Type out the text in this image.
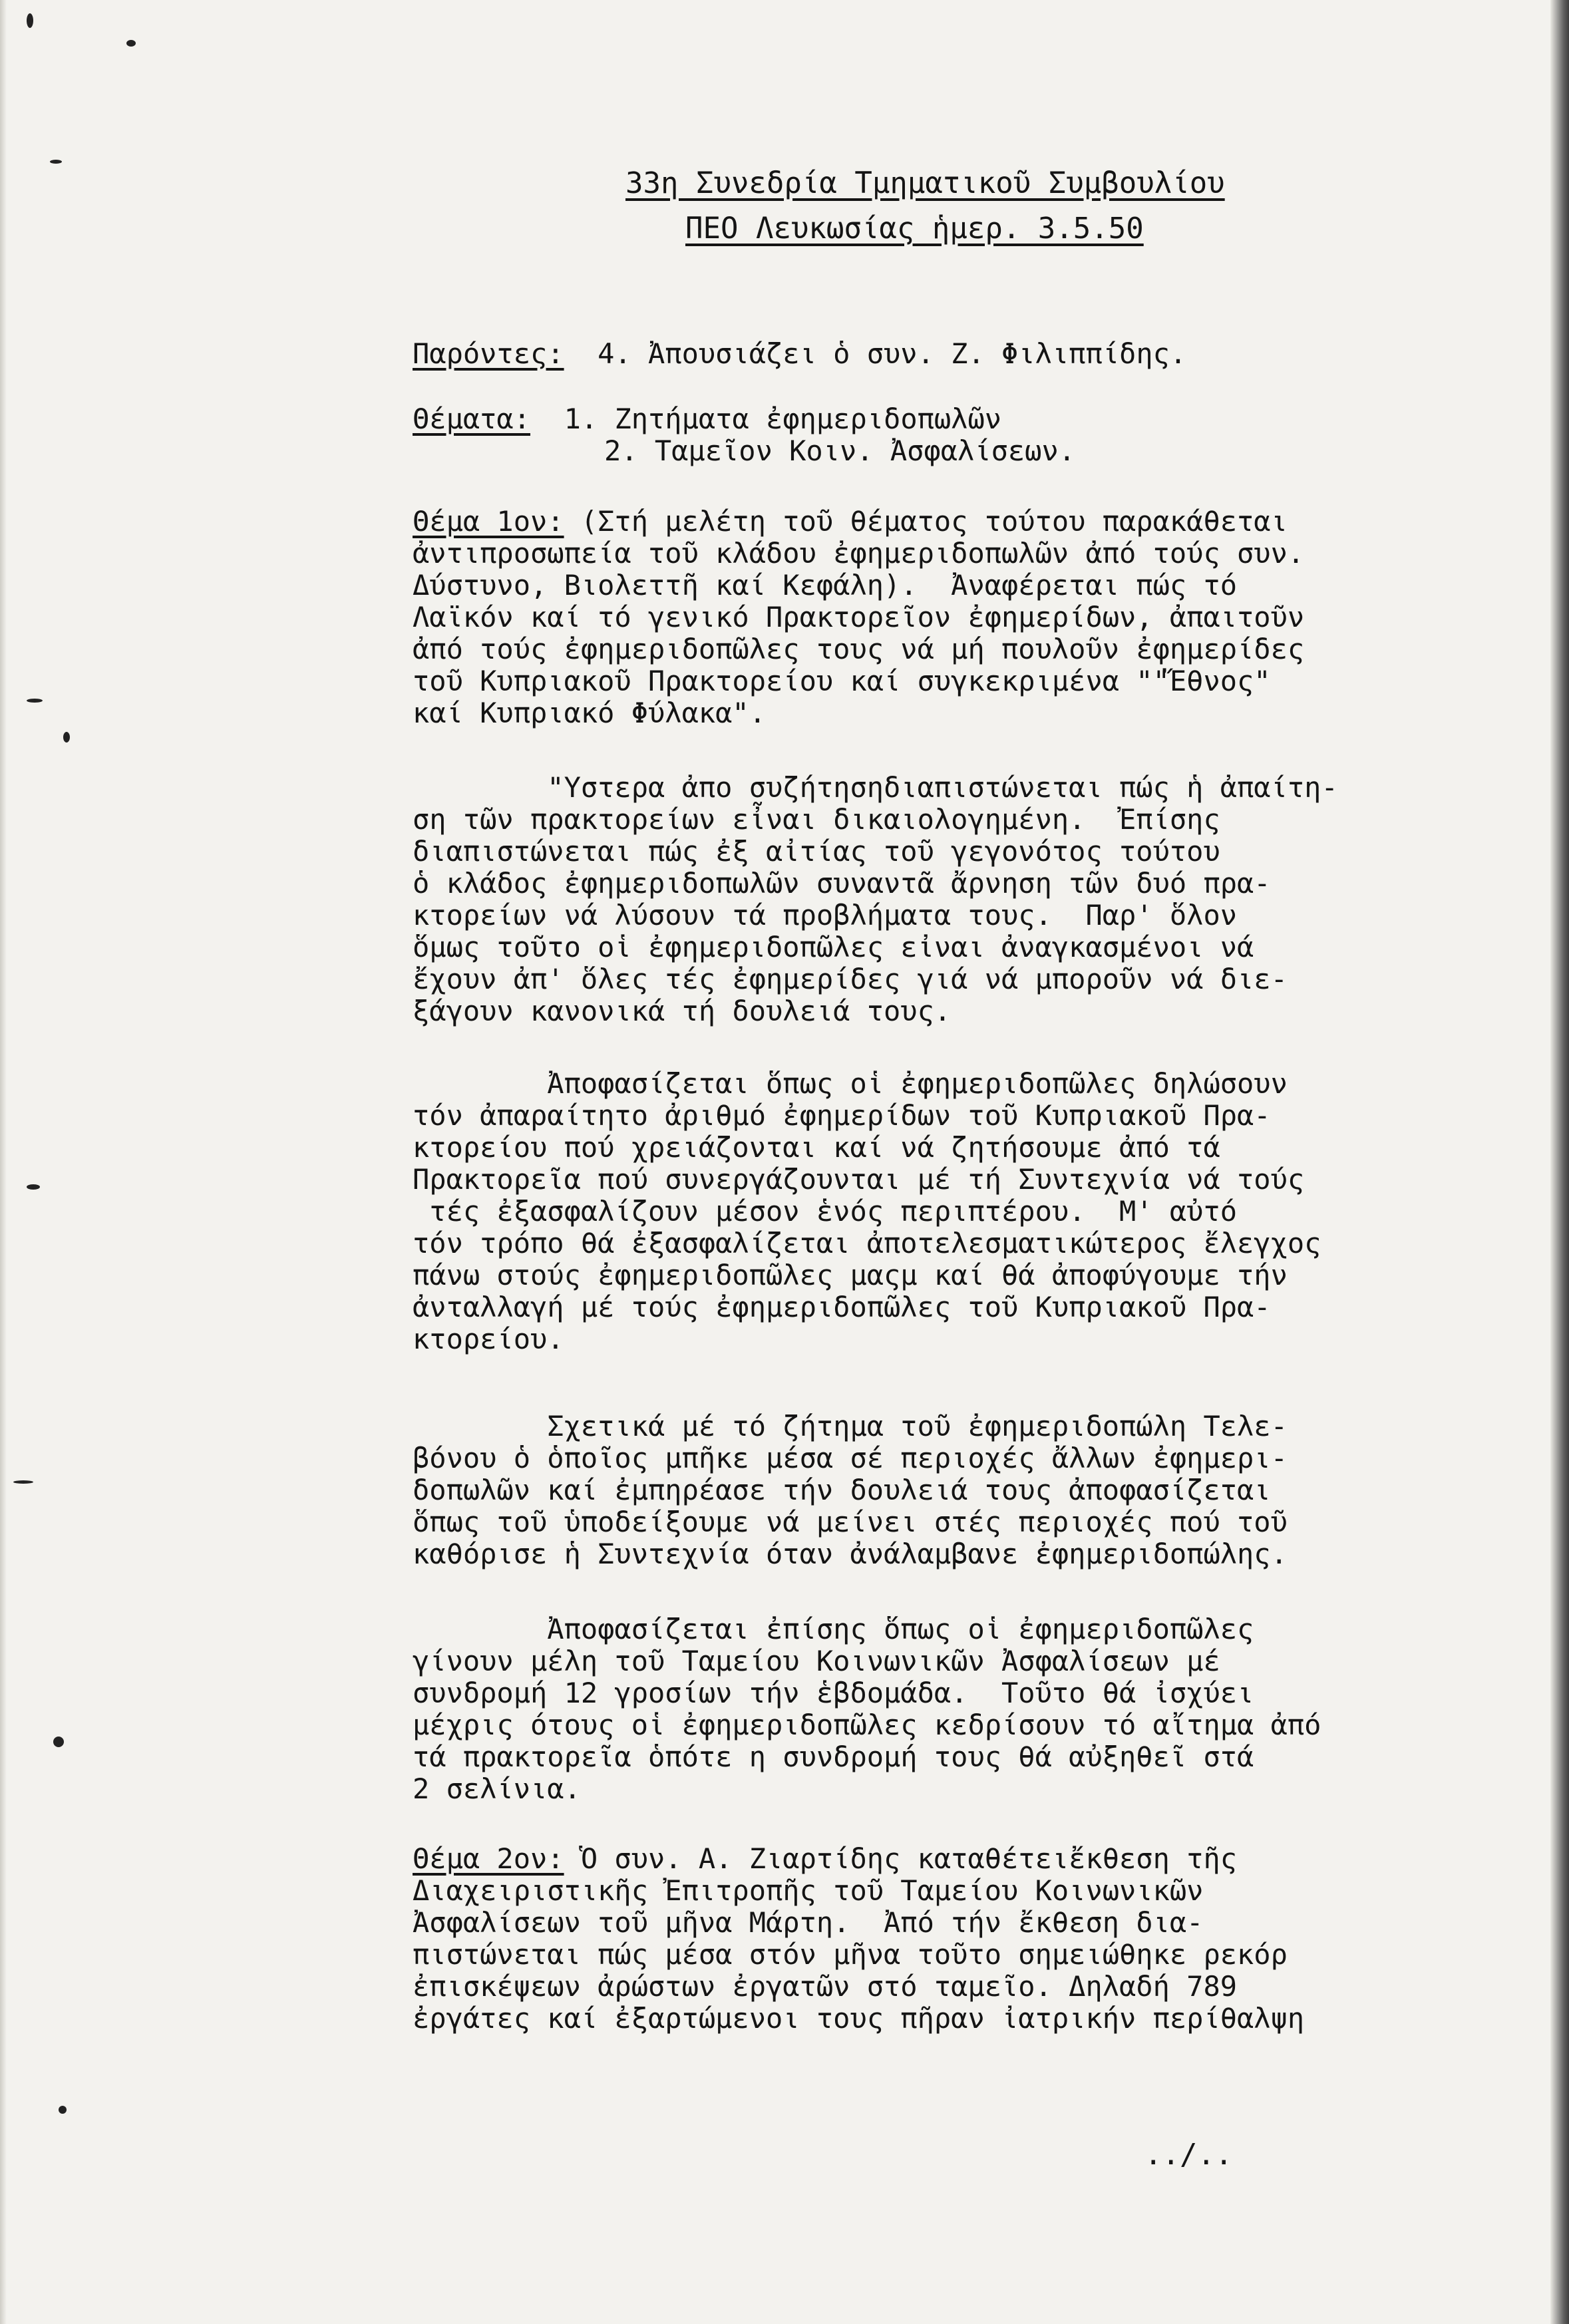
33η Συνεδρία Τμηματικοῦ Συμβουλίου
ΠΕΟ Λευκωσίας ἡμερ. 3.5.50
Παρόντες: 4. Ἀπουσιάζει ὁ συν. Ζ. Φιλιππίδης.
Θέματα: 1. Ζητήματα ἐφημεριδοπωλῶν
2. Ταμεῖον Κοιν. Ἀσφαλίσεων.
Θέμα 1ον: (Στή μελέτη τοῦ θέματος τούτου παρακάθεται
ἀντιπροσωπεία τοῦ κλάδου ἐφημεριδοπωλῶν ἀπό τούς συν.
Δύστυνο, Βιολεττῆ καί Κεφάλη).  Ἀναφέρεται πώς τό
Λαϊκόν καί τό γενικό Πρακτορεῖον ἐφημερίδων, ἀπαιτοῦν
ἀπό τούς ἐφημεριδοπῶλες τους νά μή πουλοῦν ἐφημερίδες
τοῦ Κυπριακοῦ Πρακτορείου καί συγκεκριμένα ""Ἔθνος"
καί Κυπριακό Φύλακα".
"Υστερα ἀπο συζήτησηδιαπιστώνεται πώς ἡ ἀπαίτη-
ση τῶν πρακτορείων εἶναι δικαιολογημένη.  Ἐπίσης
διαπιστώνεται πώς ἐξ αἰτίας τοῦ γεγονότος τούτου
ὁ κλάδος ἐφημεριδοπωλῶν συναντᾶ ἄρνηση τῶν δυό πρα-
κτορείων νά λύσουν τά προβλήματα τους.  Παρ' ὅλον
ὅμως τοῦτο οἱ ἐφημεριδοπῶλες εἰναι ἀναγκασμένοι νά
ἔχουν ἀπ' ὅλες τές ἐφημερίδες γιά νά μποροῦν νά διε-
ξάγουν κανονικά τή δουλειά τους.
Ἀποφασίζεται ὅπως οἱ ἐφημεριδοπῶλες δηλώσουν
τόν ἀπαραίτητο ἀριθμό ἐφημερίδων τοῦ Κυπριακοῦ Πρα-
κτορείου πού χρειάζονται καί νά ζητήσουμε ἀπό τά
Πρακτορεῖα πού συνεργάζουνται μέ τή Συντεχνία νά τούς
τές ἐξασφαλίζουν μέσον ἑνός περιπτέρου.  Μ' αὐτό
τόν τρόπο θά ἐξασφαλίζεται ἀποτελεσματικώτερος ἔλεγχος
πάνω στούς ἐφημεριδοπῶλες μαςμ καί θά ἀποφύγουμε τήν
ἀνταλλαγή μέ τούς ἐφημεριδοπῶλες τοῦ Κυπριακοῦ Πρα-
κτορείου.
Σχετικά μέ τό ζήτημα τοῦ ἐφημεριδοπώλη Τελε-
βόνου ὁ ὁποῖος μπῆκε μέσα σέ περιοχές ἄλλων ἐφημερι-
δοπωλῶν καί ἐμπηρέασε τήν δουλειά τους ἀποφασίζεται
ὅπως τοῦ ὑποδείξουμε νά μείνει στές περιοχές πού τοῦ
καθόρισε ἡ Συντεχνία όταν ἀνάλαμβανε ἐφημεριδοπώλης.
Ἀποφασίζεται ἐπίσης ὅπως οἱ ἐφημεριδοπῶλες
γίνουν μέλη τοῦ Ταμείου Κοινωνικῶν Ἀσφαλίσεων μέ
συνδρομή 12 γροσίων τήν ἑβδομάδα.  Τοῦτο θά ἰσχύει
μέχρις ότους οἱ ἐφημεριδοπῶλες κεδρίσουν τό αἴτημα ἀπό
τά πρακτορεῖα ὁπότε η συνδρομή τους θά αὐξηθεῖ στά
2 σελίνια.
Θέμα 2ον: Ὁ συν. Α. Ζιαρτίδης καταθέτειἔκθεση τῆς
Διαχειριστικῆς Ἐπιτροπῆς τοῦ Ταμείου Κοινωνικῶν
Ἀσφαλίσεων τοῦ μῆνα Μάρτη.  Ἀπό τήν ἔκθεση δια-
πιστώνεται πώς μέσα στόν μῆνα τοῦτο σημειώθηκε ρεκόρ
ἐπισκέψεων ἀρώστων ἐργατῶν στό ταμεῖο. Δηλαδή 789
ἐργάτες καί ἐξαρτώμενοι τους πῆραν ἰατρικήν περίθαλψη
../..
